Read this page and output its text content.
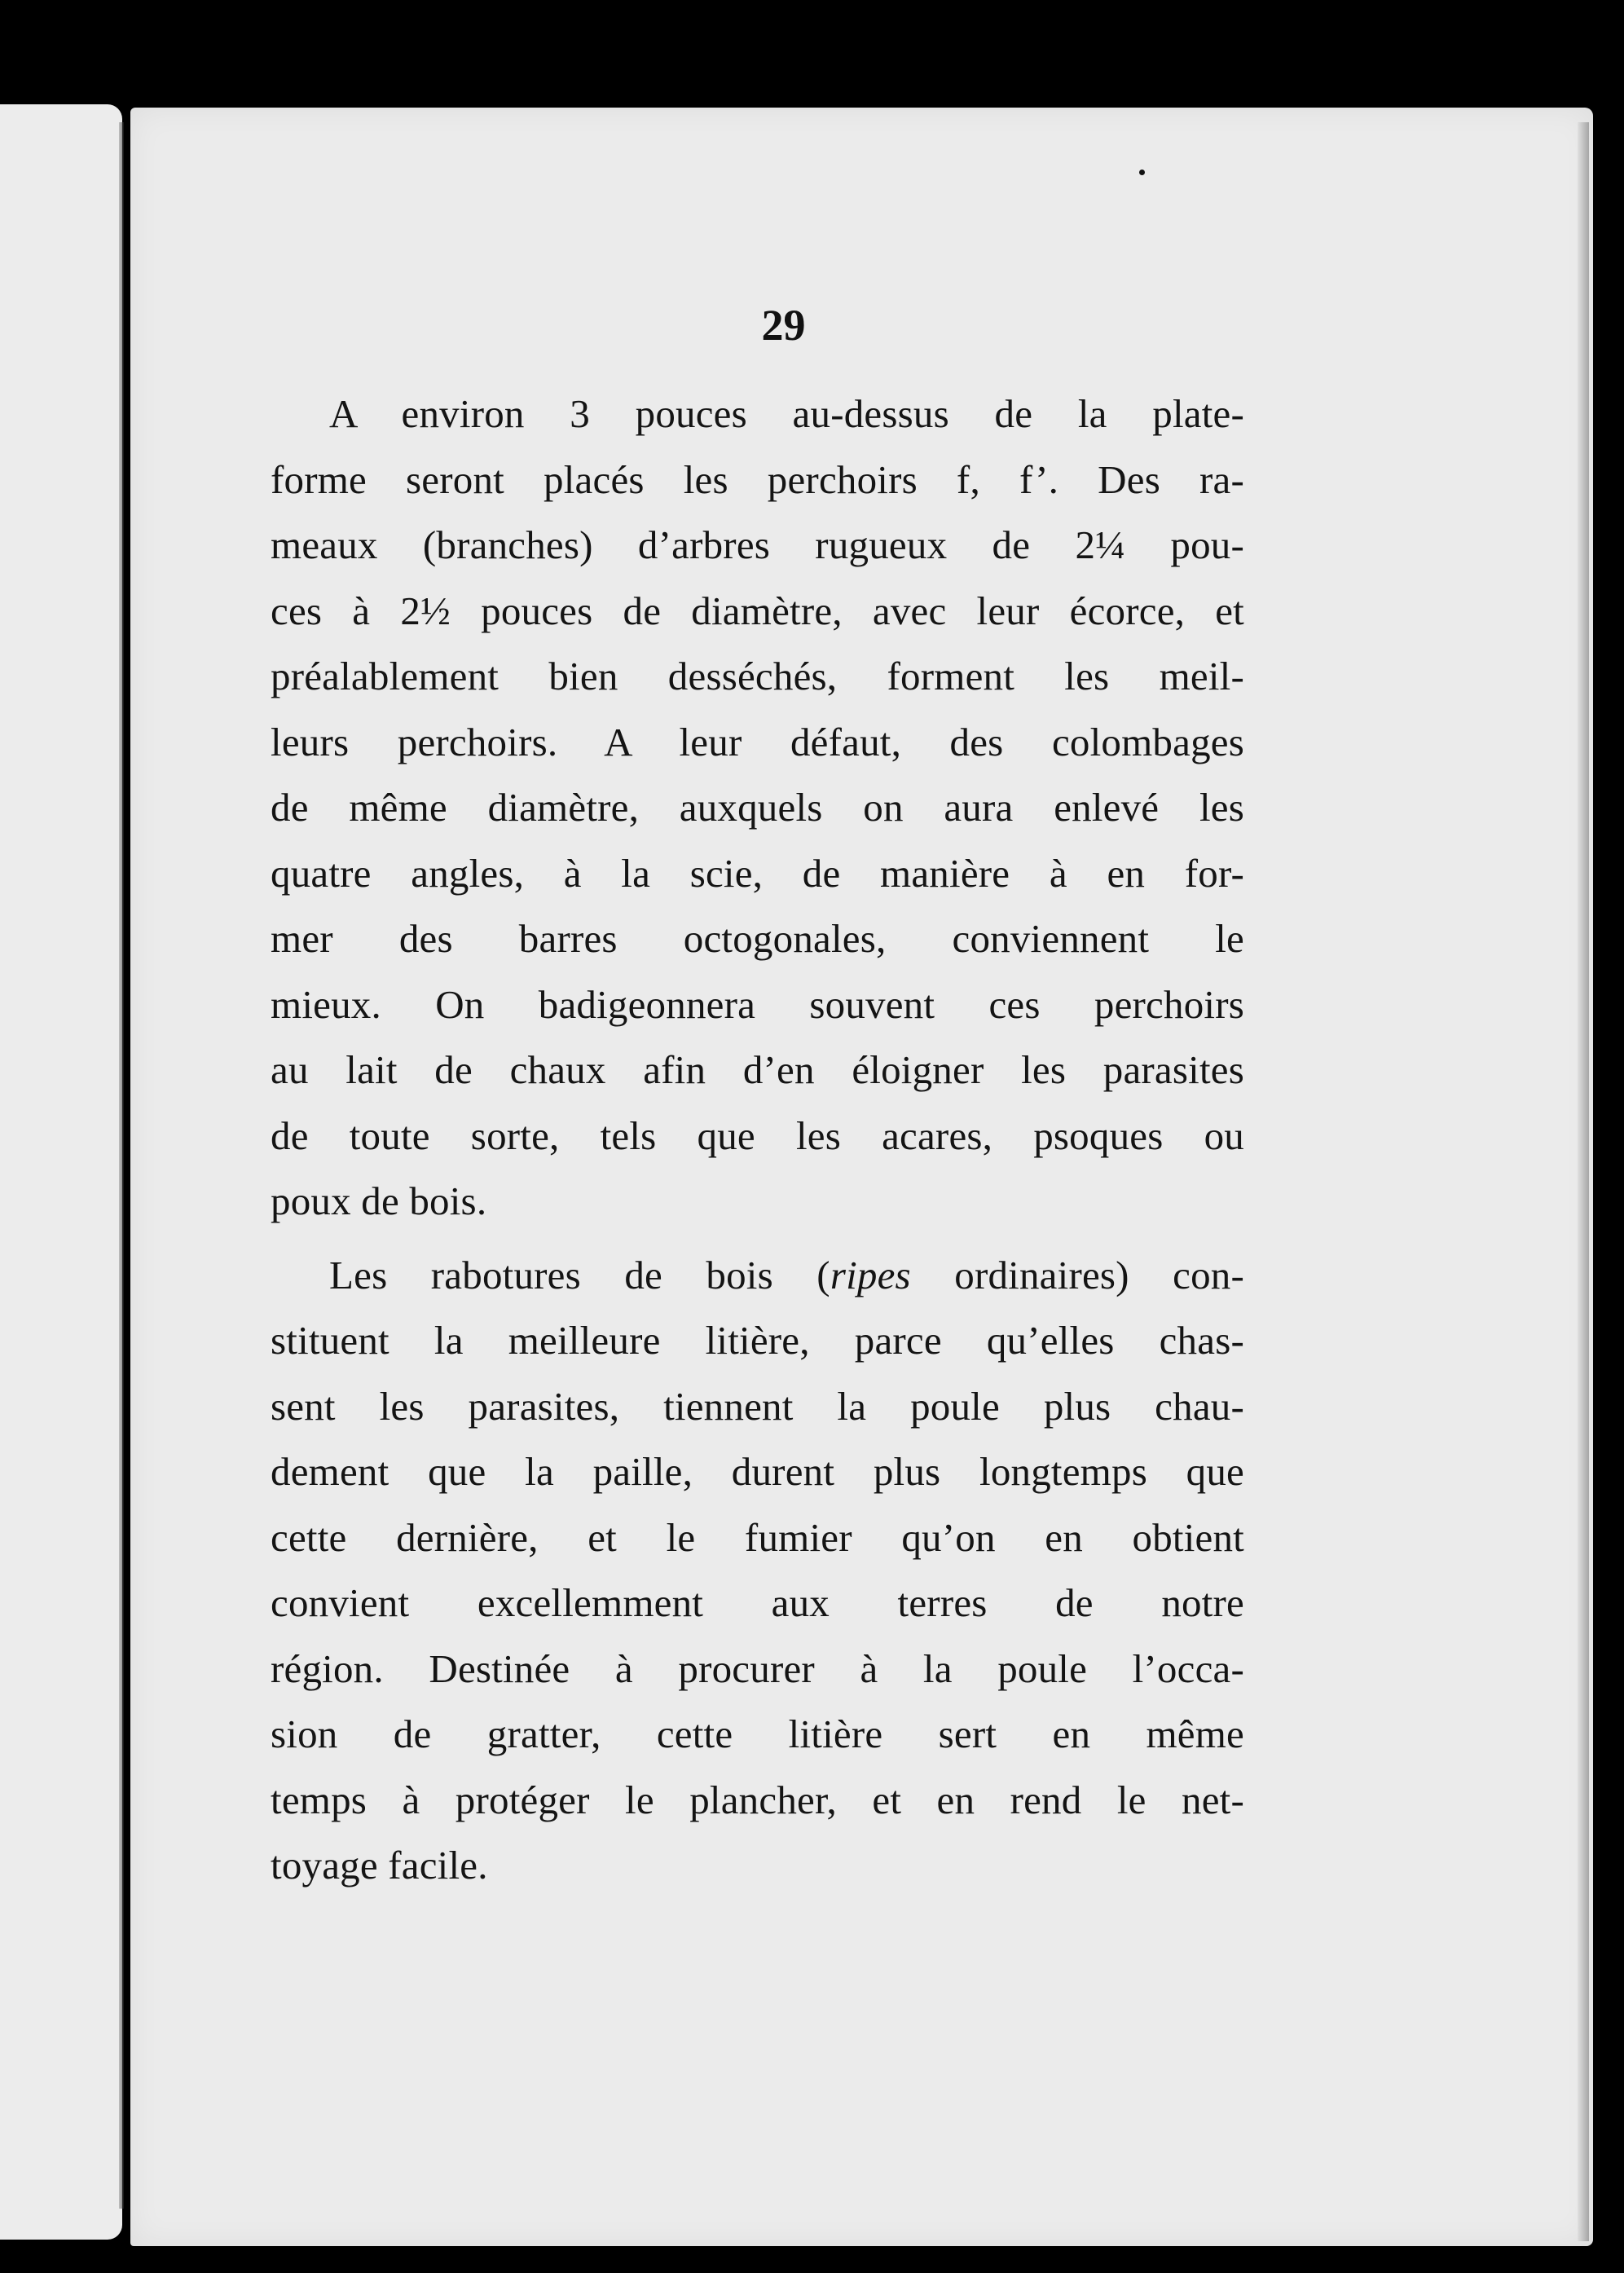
29
A environ 3 pouces au-dessus de la plate-
forme seront placés les perchoirs f, f’. Des ra-
meaux (branches) d’arbres rugueux de 2¼ pou-
ces à 2½ pouces de diamètre, avec leur écorce, et
préalablement bien desséchés, forment les meil-
leurs perchoirs. A leur défaut, des colombages
de même diamètre, auxquels on aura enlevé les
quatre angles, à la scie, de manière à en for-
mer des barres octogonales, conviennent le
mieux. On badigeonnera souvent ces perchoirs
au lait de chaux afin d’en éloigner les parasites
de toute sorte, tels que les acares, psoques ou
poux de bois.
Les rabotures de bois (ripes ordinaires) con-
stituent la meilleure litière, parce qu’elles chas-
sent les parasites, tiennent la poule plus chau-
dement que la paille, durent plus longtemps que
cette dernière, et le fumier qu’on en obtient
convient excellemment aux terres de notre
région. Destinée à procurer à la poule l’occa-
sion de gratter, cette litière sert en même
temps à protéger le plancher, et en rend le net-
toyage facile.
